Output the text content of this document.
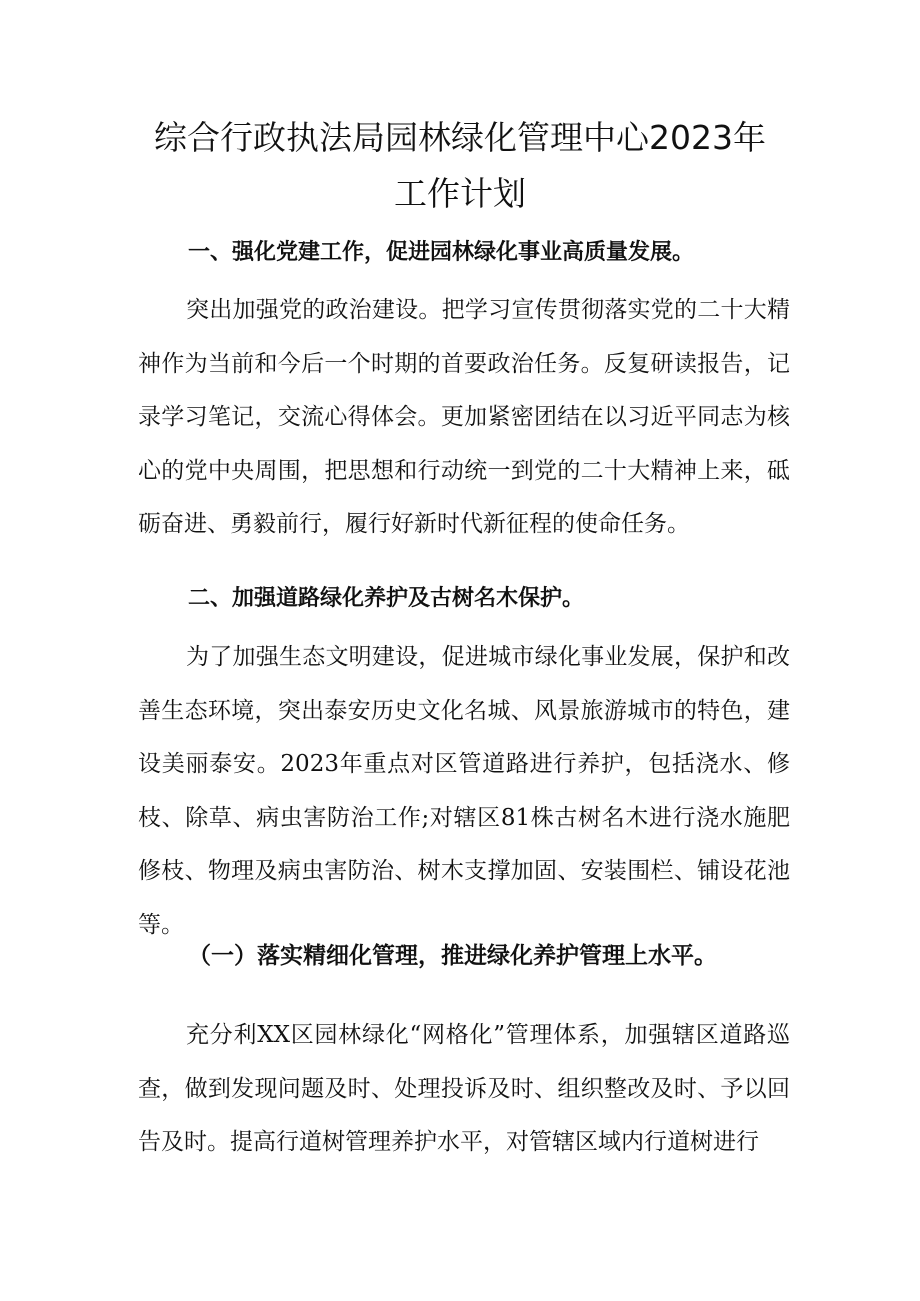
综合行政执法局园林绿化管理中心2023年
工作计划
一、强化党建工作，促进园林绿化事业高质量发展。

突出加强党的政治建设。把学习宣传贯彻落实党的二十大精神作为当前和今后一个时期的首要政治任务。反复研读报告，记录学习笔记，交流心得体会。更加紧密团结在以习近平同志为核心的党中央周围，把思想和行动统一到党的二十大精神上来，砥砺奋进、勇毅前行，履行好新时代新征程的使命任务。

二、加强道路绿化养护及古树名木保护。

为了加强生态文明建设，促进城市绿化事业发展，保护和改善生态环境，突出泰安历史文化名城、风景旅游城市的特色，建设美丽泰安。2023年重点对区管道路进行养护，包括浇水、修枝、除草、病虫害防治工作;对辖区81株古树名木进行浇水施肥修枝、物理及病虫害防治、树木支撑加固、安装围栏、铺设花池等。

（一）落实精细化管理，推进绿化养护管理上水平。

充分利XX区园林绿化“网格化”管理体系，加强辖区道路巡查，做到发现问题及时、处理投诉及时、组织整改及时、予以回告及时。提高行道树管理养护水平，对管辖区域内行道树进行
